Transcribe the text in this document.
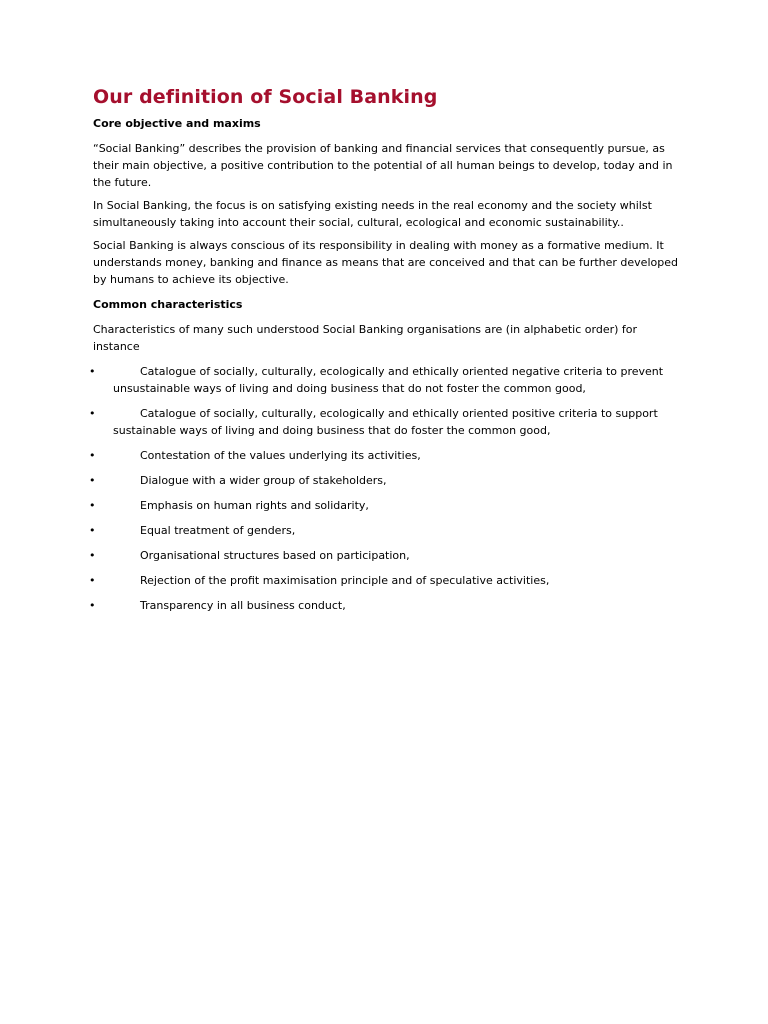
Our definition of Social Banking
Core objective and maxims

“Social Banking” describes the provision of banking and financial services that consequently pursue, as their main objective, a positive contribution to the potential of all human beings to develop, today and in the future.

In Social Banking, the focus is on satisfying existing needs in the real economy and the society whilst simultaneously taking into account their social, cultural, ecological and economic sustainability..

Social Banking is always conscious of its responsibility in dealing with money as a formative medium. It understands money, banking and finance as means that are conceived and that can be further developed by humans to achieve its objective.

Common characteristics

Characteristics of many such understood Social Banking organisations are (in alphabetic order) for instance

•	Catalogue of socially, culturally, ecologically and ethically oriented negative criteria to prevent unsustainable ways of living and doing business that do not foster the common good,
•	Catalogue of socially, culturally, ecologically and ethically oriented positive criteria to support sustainable ways of living and doing business that do foster the common good,
•	Contestation of the values underlying its activities,
•	Dialogue with a wider group of stakeholders,
•	Emphasis on human rights and solidarity,
•	Equal treatment of genders,
•	Organisational structures based on participation,
•	Rejection of the profit maximisation principle and of speculative activities,
•	Transparency in all business conduct,
